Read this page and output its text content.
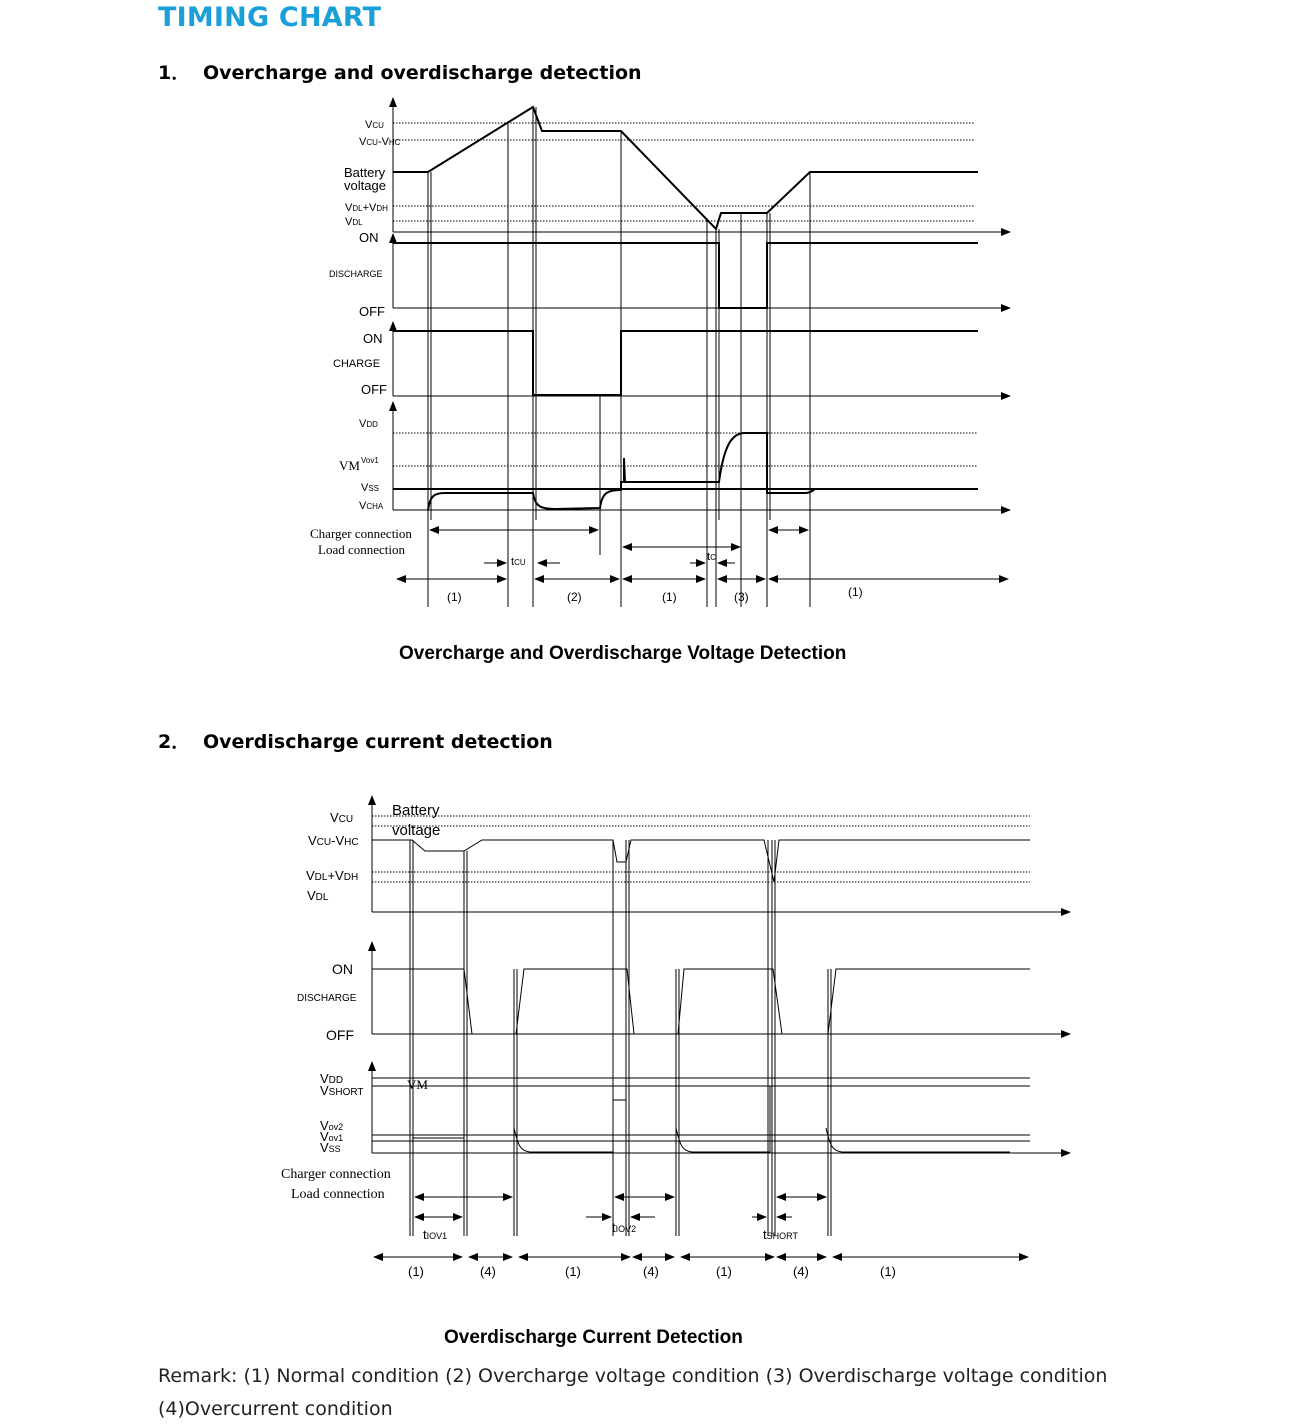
TIMING CHART
1． Overcharge and overdischarge detection
2． Overdischarge current detection
Overcharge and Overdischarge Voltage Detection
Overdischarge Current Detection
Remark: (1) Normal condition (2) Overcharge voltage condition (3) Overdischarge voltage condition
(4)Overcurrent condition
VCU
VCU-VHC
Battery
voltage
VDL+VDH
VDL
ON
DISCHARGE
OFF
ON
CHARGE
OFF
VDD
VM Vov1
VSS
VCHA
Charger connection
Load connection
tCU	tC
(1)	(2)	(1)	(3)	(1)
VCU
Battery
voltage
VCU-VHC
VDL+VDH
VDL
ON
DISCHARGE
OFF
VDD
VSHORT
VM
Vov2
Vov1
VSS
Charger connection
Load connection
tIOV1
tIOV2	tSHORT
(1)	(4)	(1)	(4)	(1)	(4)	(1)
